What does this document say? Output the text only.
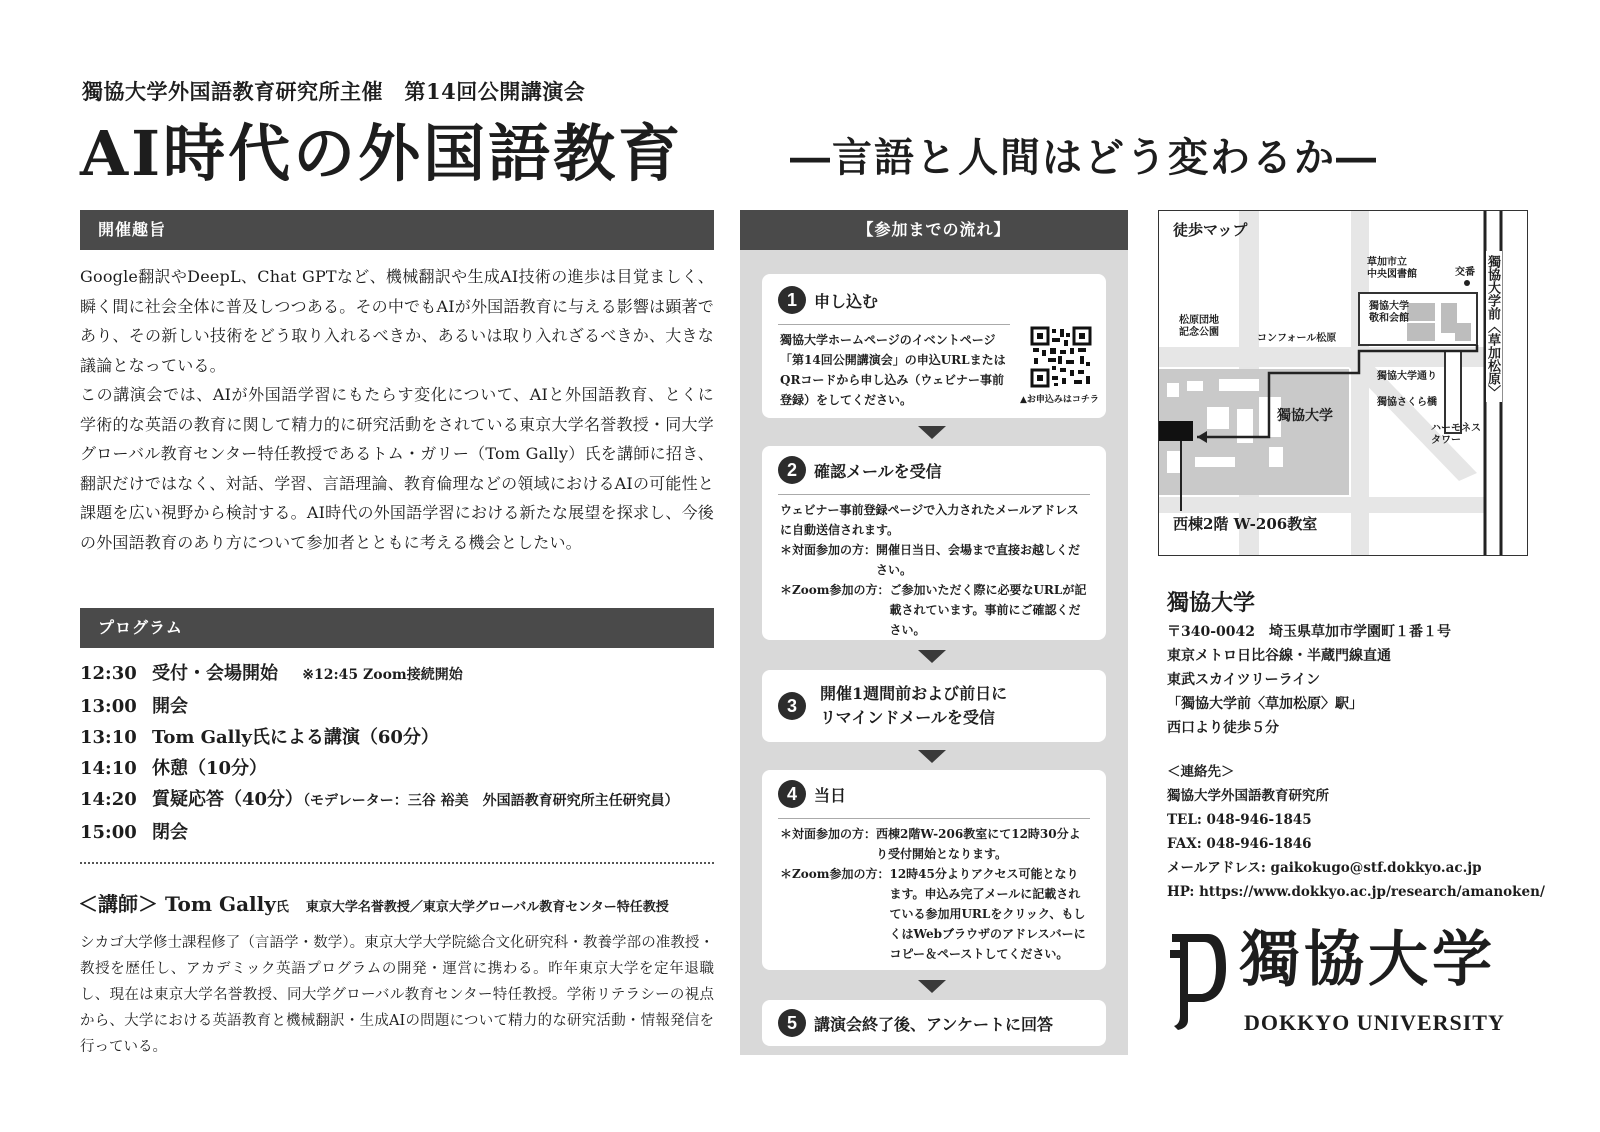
獨協大学外国語教育研究所主催　第14回公開講演会
AI時代の外国語教育	―言語と人間はどう変わるか―
開催趣旨
Google翻訳やDeepL、Chat GPTなど、機械翻訳や生成AI技術の進歩は目覚ましく、瞬く間に社会全体に普及しつつある。その中でもAIが外国語教育に与える影響は顕著であり、その新しい技術をどう取り入れるべきか、あるいは取り入れざるべきか、大きな議論となっている。
この講演会では、AIが外国語学習にもたらす変化について、AIと外国語教育、とくに学術的な英語の教育に関して精力的に研究活動をされている東京大学名誉教授・同大学グローバル教育センター特任教授であるトム・ガリー（Tom Gally）氏を講師に招き、翻訳だけではなく、対話、学習、言語理論、教育倫理などの領域におけるAIの可能性と課題を広い視野から検討する。AI時代の外国語学習における新たな展望を探求し、今後の外国語教育のあり方について参加者とともに考える機会としたい。
プログラム
12:30 受付・会場開始 ※12:45 Zoom接続開始
13:00 開会
13:10 Tom Gally氏による講演（60分）
14:10 休憩（10分）
14:20 質疑応答（40分）（モデレーター：三谷 裕美　外国語教育研究所主任研究員）
15:00 閉会
＜講師＞ Tom Gally氏 東京大学名誉教授／東京大学グローバル教育センター特任教授
シカゴ大学修士課程修了（言語学・数学）。東京大学大学院総合文化研究科・教養学部の准教授・教授を歴任し、アカデミック英語プログラムの開発・運営に携わる。昨年東京大学を定年退職し、現在は東京大学名誉教授、同大学グローバル教育センター特任教授。学術リテラシーの視点から、大学における英語教育と機械翻訳・生成AIの問題について精力的な研究活動・情報発信を行っている。
【参加までの流れ】
1 申し込む
獨協大学ホームページのイベントページ「第14回公開講演会」の申込URLまたはQRコードから申し込み（ウェビナー事前登録）をしてください。	▲お申込みはコチラ
2 確認メールを受信
ウェビナー事前登録ページで入力されたメールアドレスに自動送信されます。
＊対面参加の方： 開催日当日、会場まで直接お越しください。
＊Zoom参加の方： ご参加いただく際に必要なURLが記載されています。事前にご確認ください。
3
開催1週間前および前日に
リマインドメールを受信
4 当日
＊対面参加の方： 西棟2階W-206教室にて12時30分より受付開始となります。
＊Zoom参加の方： 12時45分よりアクセス可能となります。申込み完了メールに記載されている参加用URLをクリック、もしくはWebブラウザのアドレスバーにコピー＆ペーストしてください。
5 講演会終了後、アンケートに回答
徒歩マップ
草加市立
中央図書館	交番 獨協大学前〈草加松原〉
松原団地
記念公園
コンフォール松原
獨協大学
敬和会館
獨協大学通り
獨協さくら橋
獨協大学
ハーモネス
タワー
西棟2階 W-206教室
獨協大学
〒340-0042　埼玉県草加市学園町１番１号
東京メトロ日比谷線・半蔵門線直通
東武スカイツリーライン
「獨協大学前〈草加松原〉駅」
西口より徒歩５分
＜連絡先＞
獨協大学外国語教育研究所
TEL: 048-946-1845
FAX: 048-946-1846
メールアドレス: gaikokugo@stf.dokkyo.ac.jp
HP: https://www.dokkyo.ac.jp/research/amanoken/
獨協大学
DOKKYO UNIVERSITY
